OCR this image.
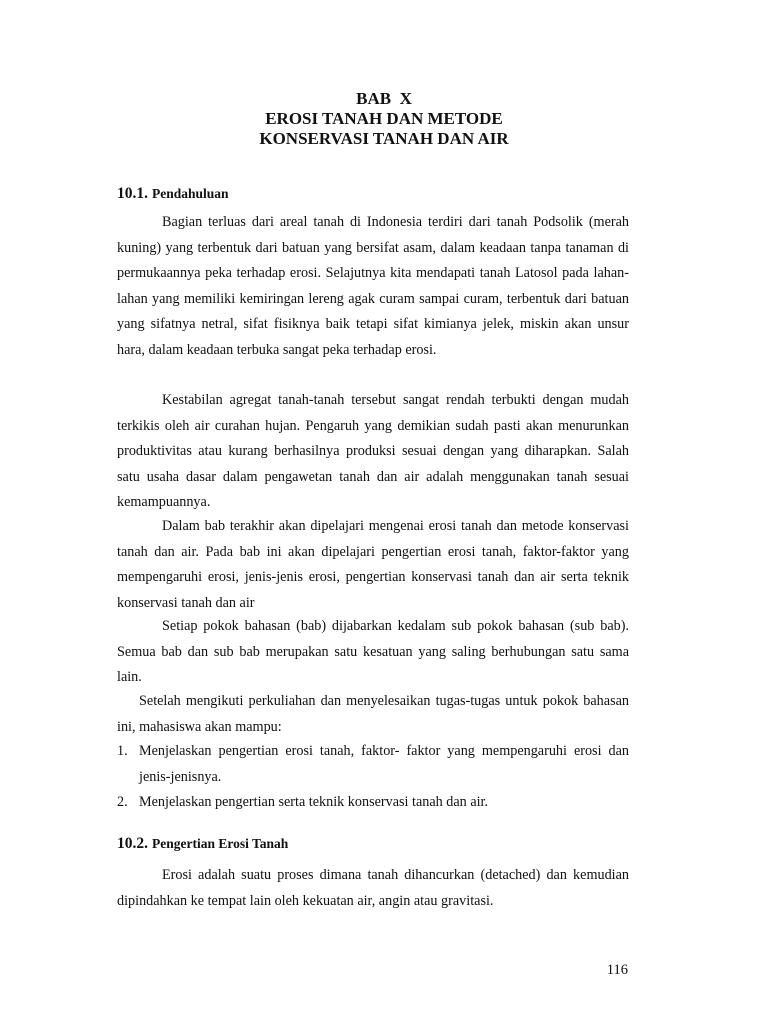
BAB  X
EROSI TANAH DAN METODE
KONSERVASI TANAH DAN AIR
10.1. Pendahuluan

Bagian terluas dari areal tanah di Indonesia terdiri dari tanah Podsolik (merah kuning) yang terbentuk dari batuan yang bersifat asam, dalam keadaan tanpa tanaman di permukaannya peka terhadap erosi. Selajutnya kita mendapati tanah Latosol pada lahan-lahan yang memiliki kemiringan lereng agak curam sampai curam, terbentuk dari batuan yang sifatnya netral, sifat fisiknya baik tetapi sifat kimianya jelek, miskin akan unsur hara, dalam keadaan terbuka sangat peka terhadap erosi.

Kestabilan agregat tanah-tanah tersebut sangat rendah terbukti dengan mudah terkikis oleh air curahan hujan. Pengaruh yang demikian sudah pasti akan menurunkan produktivitas atau kurang berhasilnya produksi sesuai dengan yang diharapkan. Salah satu usaha dasar dalam pengawetan tanah dan air adalah menggunakan tanah sesuai kemampuannya.

Dalam bab terakhir akan dipelajari mengenai erosi tanah dan metode konservasi tanah dan air. Pada bab ini akan dipelajari pengertian erosi tanah, faktor-faktor yang mempengaruhi erosi, jenis-jenis erosi, pengertian konservasi tanah dan air serta teknik konservasi tanah dan air

Setiap pokok bahasan (bab) dijabarkan kedalam sub pokok bahasan (sub bab). Semua bab dan sub bab merupakan satu kesatuan yang saling berhubungan satu sama lain.

Setelah mengikuti perkuliahan dan menyelesaikan tugas-tugas untuk pokok bahasan ini, mahasiswa akan mampu:

1. Menjelaskan pengertian erosi tanah, faktor- faktor yang mempengaruhi erosi dan jenis-jenisnya.
2. Menjelaskan pengertian serta teknik konservasi tanah dan air.
10.2. Pengertian Erosi Tanah

Erosi adalah suatu proses dimana tanah dihancurkan (detached) dan kemudian dipindahkan ke tempat lain oleh kekuatan air, angin atau gravitasi.

116
